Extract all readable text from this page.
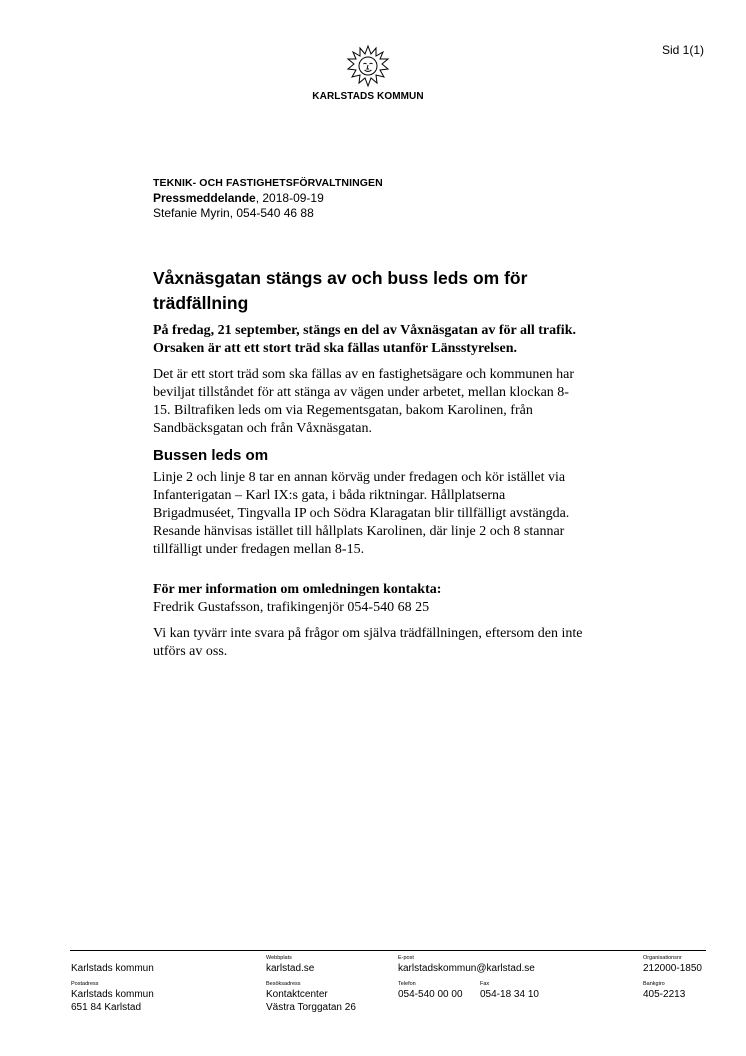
Sid 1(1)
KARLSTADS KOMMUN
TEKNIK- OCH FASTIGHETSFÖRVALTNINGEN
Pressmeddelande, 2018-09-19
Stefanie Myrin, 054-540 46 88
Våxnäsgatan stängs av och buss leds om för
trädfällning
På fredag, 21 september, stängs en del av Våxnäsgatan av för all trafik.
Orsaken är att ett stort träd ska fällas utanför Länsstyrelsen.

Det är ett stort träd som ska fällas av en fastighetsägare och kommunen har
beviljat tillståndet för att stänga av vägen under arbetet, mellan klockan 8-
15. Biltrafiken leds om via Regementsgatan, bakom Karolinen, från
Sandbäcksgatan och från Våxnäsgatan.

Bussen leds om

Linje 2 och linje 8 tar en annan körväg under fredagen och kör istället via
Infanterigatan – Karl IX:s gata, i båda riktningar. Hållplatserna
Brigadmuséet, Tingvalla IP och Södra Klaragatan blir tillfälligt avstängda.
Resande hänvisas istället till hållplats Karolinen, där linje 2 och 8 stannar
tillfälligt under fredagen mellan 8-15.

För mer information om omledningen kontakta:
Fredrik Gustafsson, trafikingenjör 054-540 68 25

Vi kan tyvärr inte svara på frågor om själva trädfällningen, eftersom den inte
utförs av oss.

Karlstads kommun
Webbplats
karlstad.se
E-post
karlstadskommun@karlstad.se
Organisationsnr
212000-1850
Postadress
Karlstads kommun
651 84 Karlstad
Besöksadress
Kontaktcenter
Västra Torggatan 26
Telefon
054-540 00 00
Fax
054-18 34 10
Bankgiro
405-2213
